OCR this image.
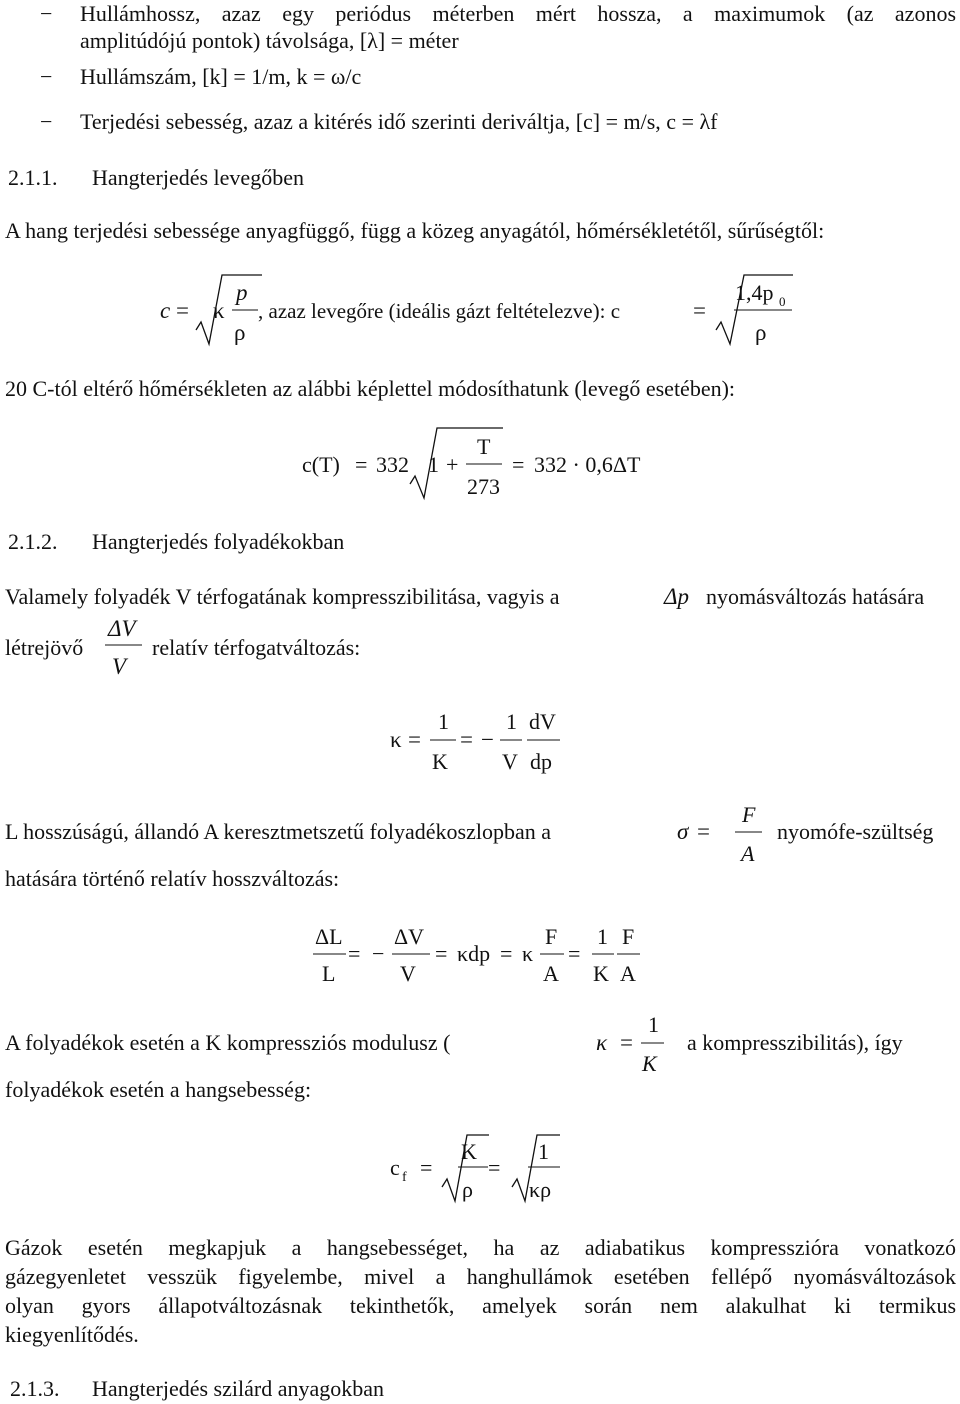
− Hullámhossz, azaz egy periódus méterben mért hossza, a maximumok (az azonos
amplitúdójú pontok) távolsága, [λ] = méter
− Hullámszám, [k] = 1/m, k = ω/c
− Terjedési sebesség, azaz a kitérés idő szerinti deriváltja, [c] = m/s, c = λf
2.1.1. Hangterjedés levegőben
A hang terjedési sebessége anyagfüggő, függ a közeg anyagától, hőmérsékletétől, sűrűségtől:
c = κ
p
ρ
, azaz levegőre (ideális gázt feltételezve): c	=
1,4p 0
ρ
20 C-tól eltérő hőmérsékleten az alábbi képlettel módosíthatunk (levegő esetében):
c(T) = 332 1 +
T
273
= 332 · 0,6ΔT
2.1.2. Hangterjedés folyadékokban
Valamely folyadék V térfogatának kompresszibilitása, vagyis a	Δp nyomásváltozás hatására
létrejövő
ΔV
V
relatív térfogatváltozás:
κ =
1
K
= −
1
V
dV
dp
L hosszúságú, állandó A keresztmetszetű folyadékoszlopban a	σ =
F
A
nyomófe-szültség
hatására történő relatív hosszváltozás:
ΔL
L
= −
ΔV
V
= κdp = κ
F
A
=
1
K
F
A
A folyadékok esetén a K kompressziós modulusz (	κ =
1
K
a kompresszibilitás), így
folyadékok esetén a hangsebesség:
c f =
K
ρ
=
1
κρ
Gázok esetén megkapjuk a hangsebességet, ha az adiabatikus kompresszióra vonatkozó
gázegyenletet vesszük figyelembe, mivel a hanghullámok esetében fellépő nyomásváltozások
olyan gyors állapotváltozásnak tekinthetők, amelyek során nem alakulhat ki termikus
kiegyenlítődés.
2.1.3. Hangterjedés szilárd anyagokban
